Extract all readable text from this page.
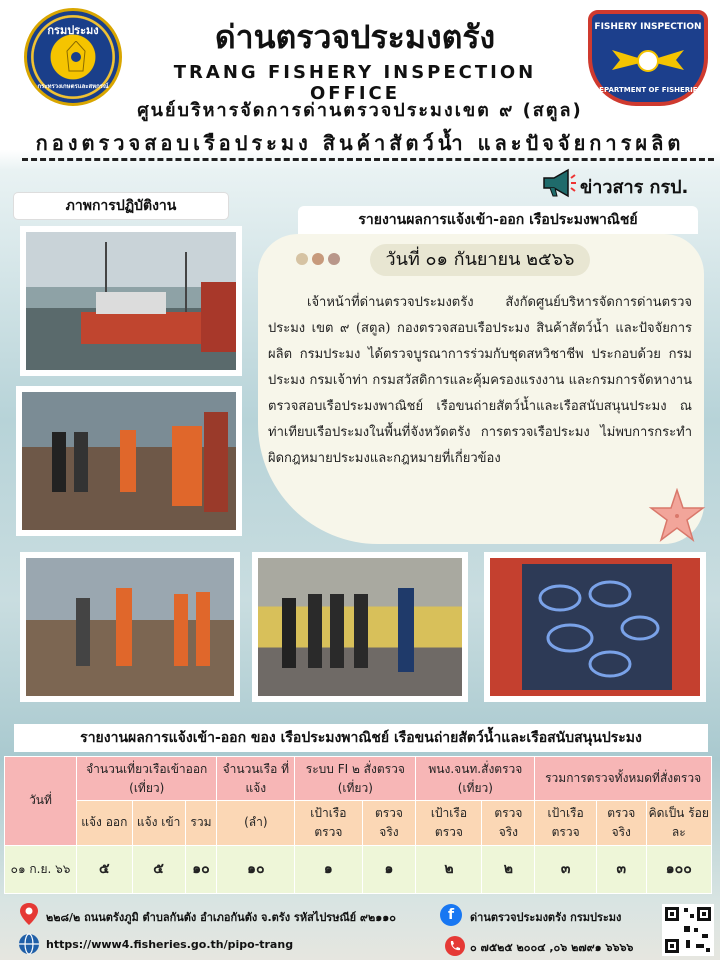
กรมประมง
กระทรวงเกษตรและสหกรณ์
ด่านตรวจประมงตรัง
TRANG FISHERY INSPECTION OFFICE
ศูนย์บริหารจัดการด่านตรวจประมงเขต ๙ (สตูล)
กองตรวจสอบเรือประมง สินค้าสัตว์น้ำ และปัจจัยการผลิต
FISHERY INSPECTION
DEPARTMENT OF FISHERIES
ข่าวสาร กรป.
ภาพการปฏิบัติงาน
รายงานผลการแจ้งเข้า-ออก เรือประมงพาณิชย์
วันที่ ๐๑ กันยายน ๒๕๖๖

   เจ้าหน้าที่ด่านตรวจประมงตรัง สังกัดศูนย์บริหารจัดการด่านตรวจประมง เขต ๙ (สตูล) กองตรวจสอบเรือประมง สินค้าสัตว์น้ำ และปัจจัยการผลิต กรมประมง ได้ตรวจบูรณาการร่วมกับชุดสหวิชาชีพ ประกอบด้วย กรมประมง กรมเจ้าท่า กรมสวัสดิการและคุ้มครองแรงงาน และกรมการจัดหางาน ตรวจสอบเรือประมงพาณิชย์ เรือขนถ่ายสัตว์น้ำและเรือสนับสนุนประมง ณ ท่าเทียบเรือประมงในพื้นที่จังหวัดตรัง การตรวจเรือประมง ไม่พบการกระทำผิดกฎหมายประมงและกฎหมายที่เกี่ยวข้อง

รายงานผลการแจ้งเข้า-ออก ของ เรือประมงพาณิชย์ เรือขนถ่ายสัตว์น้ำและเรือสนับสนุนประมง
วันที่	จำนวนเที่ยวเรือเข้าออก (เที่ยว)			จำนวนเรือ ที่แจ้ง	ระบบ FI ๒ สั่งตรวจ (เที่ยว)		พนง.จนท.สั่งตรวจ (เที่ยว)		รวมการตรวจทั้งหมดที่สั่งตรวจ		
	แจ้ง ออก	แจ้ง เข้า	รวม	(ลำ)	เป้าเรือ ตรวจ	ตรวจ จริง	เป้าเรือ ตรวจ	ตรวจ จริง	เป้าเรือ ตรวจ	ตรวจ จริง	คิดเป็น ร้อยละ
๐๑ ก.ย. ๖๖	๕	๕	๑๐	๑๐	๑	๑	๒	๒	๓	๓	๑๐๐
๒๒๘/๒ ถนนตรังภูมิ ตำบลกันตัง อำเภอกันตัง จ.ตรัง รหัสไปรษณีย์ ๙๒๑๑๐	f	ด่านตรวจประมงตรัง กรมประมง
https://www4.fisheries.go.th/pipo-trang	๐ ๗๕๒๕ ๒๐๐๔ ,๐๖ ๒๗๙๑ ๖๖๖๖
